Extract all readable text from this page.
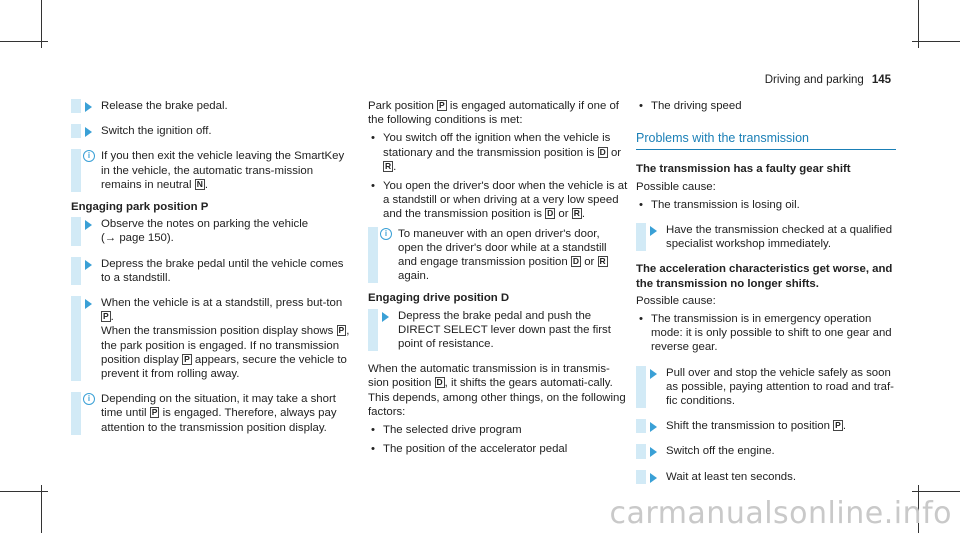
Driving and parking 145
Release the brake pedal.
Switch the ignition off.
i If you then exit the vehicle leaving the SmartKey in the vehicle, the automatic trans-mission remains in neutral N .
Engaging park position P
Observe the notes on parking the vehicle
(→ page 150).
Depress the brake pedal until the vehicle comes to a standstill.
When the vehicle is at a standstill, press but-ton P .
When the transmission position display shows P , the park position is engaged. If no transmission position display P appears, secure the vehicle to prevent it from rolling away.
i Depending on the situation, it may take a short time until P is engaged. Therefore, always pay attention to the transmission position display.
Park position P is engaged automatically if one of the following conditions is met:
• You switch off the ignition when the vehicle is stationary and the transmission position is D or R .
• You open the driver's door when the vehicle is at a standstill or when driving at a very low speed and the transmission position is D or R .
i To maneuver with an open driver's door, open the driver's door while at a standstill and engage transmission position D or R again.
Engaging drive position D
Depress the brake pedal and push the DIRECT SELECT lever down past the first point of resistance.
When the automatic transmission is in transmis-sion position D , it shifts the gears automati-cally. This depends, among other things, on the following factors:
• The selected drive program
• The position of the accelerator pedal
• The driving speed
Problems with the transmission
The transmission has a faulty gear shift
Possible cause:
• The transmission is losing oil.
Have the transmission checked at a qualified specialist workshop immediately.
The acceleration characteristics get worse, and the transmission no longer shifts.
Possible cause:
• The transmission is in emergency operation mode: it is only possible to shift to one gear and reverse gear.
Pull over and stop the vehicle safely as soon as possible, paying attention to road and traf-fic conditions.
Shift the transmission to position P .
Switch off the engine.
Wait at least ten seconds.
carmanualsonline.info
